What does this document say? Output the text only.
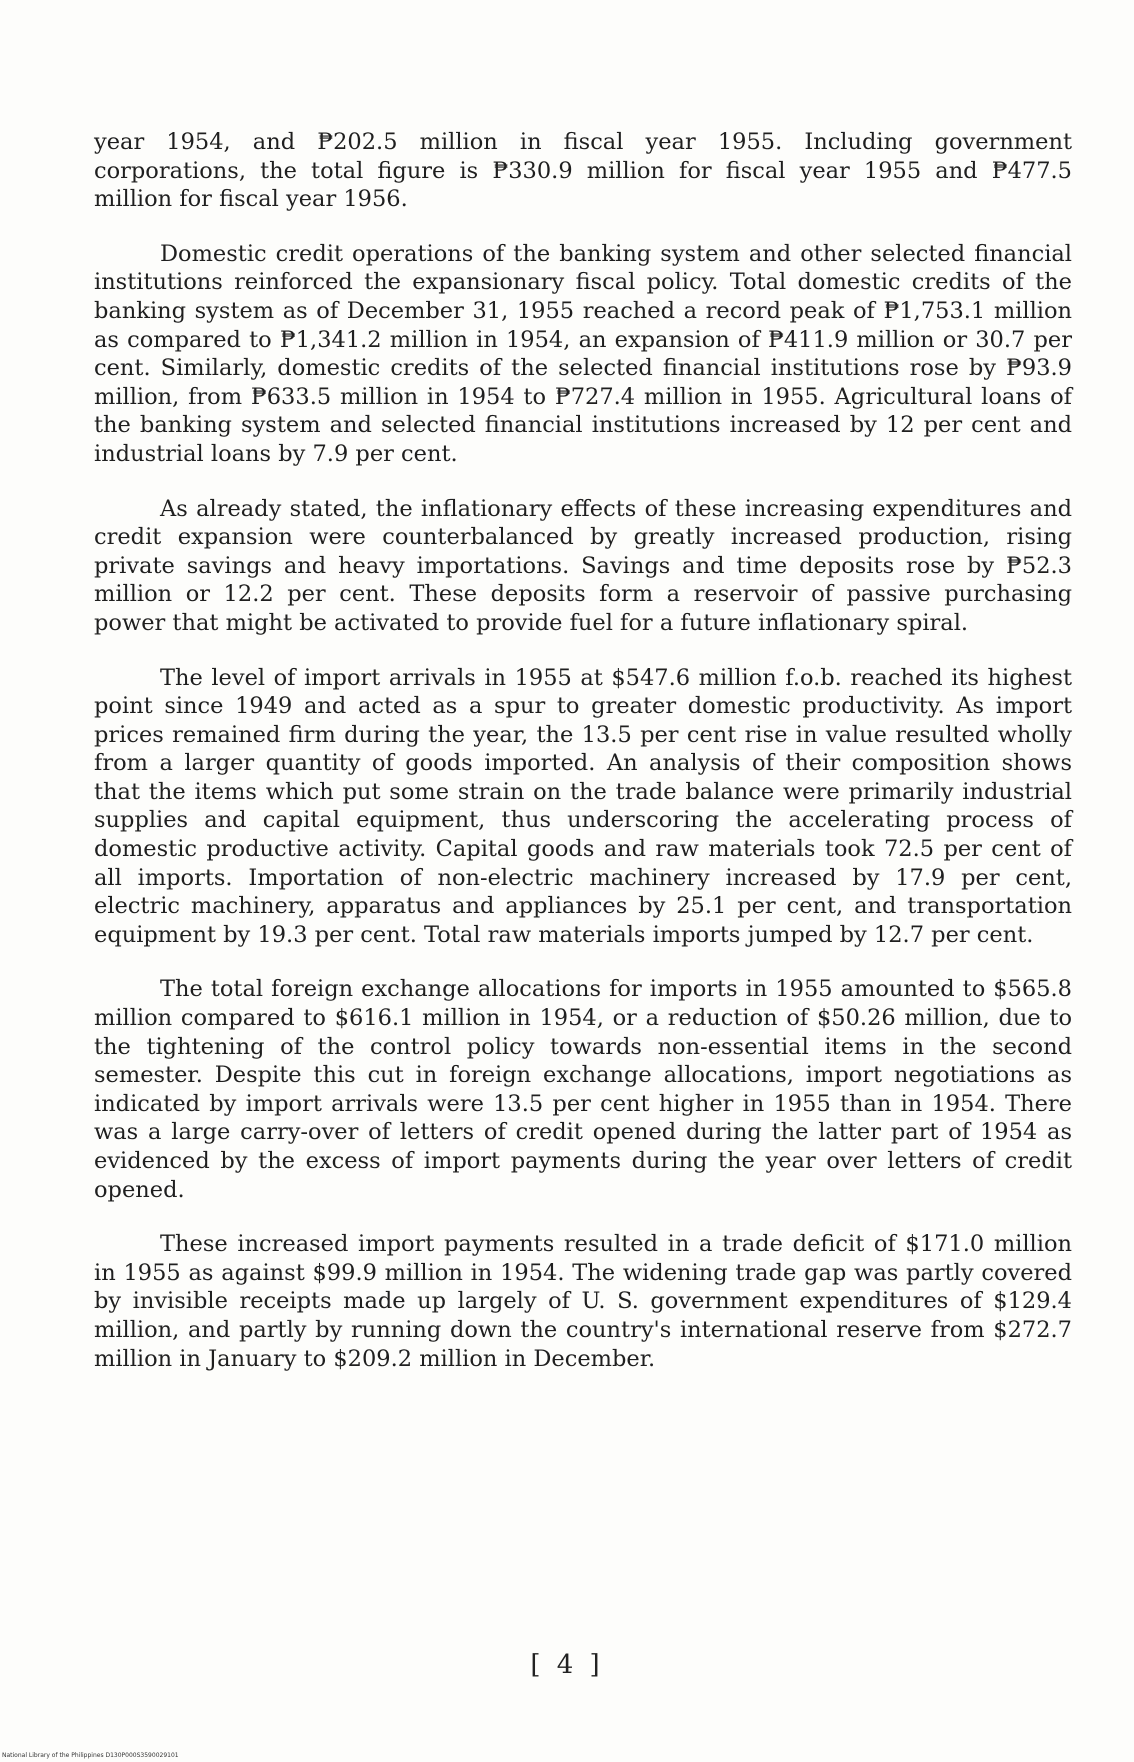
year 1954, and ₱202.5 million in fiscal year 1955. Including government corporations, the total figure is ₱330.9 million for fiscal year 1955 and ₱477.5 million for fiscal year 1956.

Domestic credit operations of the banking system and other selected financial institutions reinforced the expansionary fiscal policy. Total domestic credits of the banking system as of December 31, 1955 reached a record peak of ₱1,753.1 million as compared to ₱1,341.2 million in 1954, an expansion of ₱411.9 million or 30.7 per cent. Similarly, domestic credits of the selected financial institutions rose by ₱93.9 million, from ₱633.5 million in 1954 to ₱727.4 million in 1955. Agricultural loans of the banking system and selected financial institutions increased by 12 per cent and industrial loans by 7.9 per cent.

As already stated, the inflationary effects of these increasing expenditures and credit expansion were counterbalanced by greatly increased production, rising private savings and heavy importations. Savings and time deposits rose by ₱52.3 million or 12.2 per cent. These deposits form a reservoir of passive purchasing power that might be activated to provide fuel for a future inflationary spiral.

The level of import arrivals in 1955 at $547.6 million f.o.b. reached its highest point since 1949 and acted as a spur to greater domestic productivity. As import prices remained firm during the year, the 13.5 per cent rise in value resulted wholly from a larger quantity of goods imported. An analysis of their composition shows that the items which put some strain on the trade balance were primarily industrial supplies and capital equipment, thus underscoring the accelerating process of domestic productive activity. Capital goods and raw materials took 72.5 per cent of all imports. Importation of non-electric machinery increased by 17.9 per cent, electric machinery, apparatus and appliances by 25.1 per cent, and transportation equipment by 19.3 per cent. Total raw materials imports jumped by 12.7 per cent.

The total foreign exchange allocations for imports in 1955 amounted to $565.8 million compared to $616.1 million in 1954, or a reduction of $50.26 million, due to the tightening of the control policy towards non-essential items in the second semester. Despite this cut in foreign exchange allocations, import negotiations as indicated by import arrivals were 13.5 per cent higher in 1955 than in 1954. There was a large carry-over of letters of credit opened during the latter part of 1954 as evidenced by the excess of import payments during the year over letters of credit opened.

These increased import payments resulted in a trade deficit of $171.0 million in 1955 as against $99.9 million in 1954. The widening trade gap was partly covered by invisible receipts made up largely of U. S. government expenditures of $129.4 million, and partly by running down the country's international reserve from $272.7 million in January to $209.2 million in December.

[ 4 ]
National Library of the Philippines D130P000S3590029101
